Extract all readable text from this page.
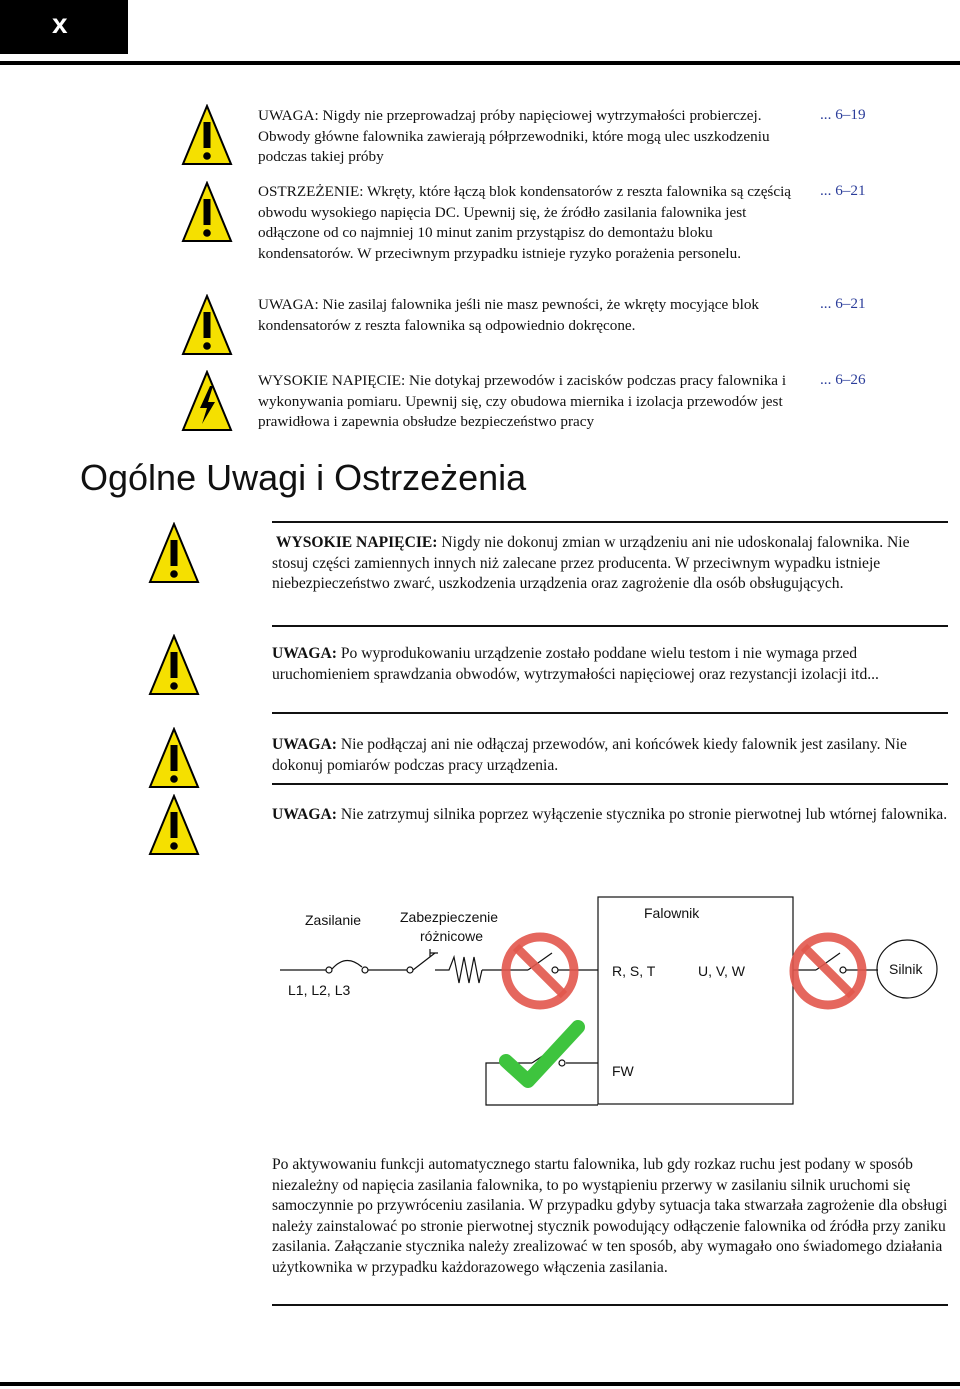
x
UWAGA: Nigdy nie przeprowadzaj próby napięciowej wytrzymałości probierczej. Obwody główne falownika zawierają półprzewodniki, które mogą ulec uszkodzeniu podczas takiej próby
... 6–19
OSTRZEŻENIE: Wkręty, które łączą blok kondensatorów z reszta falownika są częścią obwodu wysokiego napięcia DC. Upewnij się, że źródło zasilania falownika jest odłączone od co najmniej 10 minut zanim przystąpisz do demontażu bloku kondensatorów. W przeciwnym przypadku istnieje ryzyko porażenia personelu.
... 6–21
UWAGA: Nie zasilaj falownika jeśli nie masz pewności, że wkręty mocyjące blok kondensatorów z reszta falownika są odpowiednio dokręcone.
... 6–21
WYSOKIE NAPIĘCIE: Nie dotykaj przewodów i zacisków podczas pracy falownika i wykonywania pomiaru. Upewnij się, czy obudowa miernika i izolacja przewodów jest prawidłowa i zapewnia obsłudze bezpieczeństwo pracy
... 6–26
Ogólne Uwagi i Ostrzeżenia
WYSOKIE NAPIĘCIE: Nigdy nie dokonuj zmian w urządzeniu ani nie udoskonalaj falownika. Nie stosuj części zamiennych innych niż zalecane przez producenta. W przeciwnym wypadku istnieje niebezpieczeństwo zwarć, uszkodzenia urządzenia oraz zagrożenie dla osób obsługujących.
UWAGA: Po wyprodukowaniu urządzenie zostało poddane wielu testom i nie wymaga przed uruchomieniem sprawdzania obwodów, wytrzymałości napięciowej oraz rezystancji izolacji itd...
UWAGA: Nie podłączaj ani nie odłączaj przewodów, ani końcówek kiedy falownik jest zasilany. Nie dokonuj pomiarów podczas pracy urządzenia.
UWAGA: Nie zatrzymuj silnika poprzez wyłączenie stycznika po stronie pierwotnej lub wtórnej falownika.
Zasilanie	Zabezpieczenie
różnicowe
L1, L2, L3
Falownik
R, S, T	U, V, W	Silnik
FW
Po aktywowaniu funkcji automatycznego startu falownika, lub gdy rozkaz ruchu jest podany w sposób niezależny od napięcia zasilania falownika, to po wystąpieniu przerwy w zasilaniu silnik uruchomi się samoczynnie po przywróceniu zasilania. W przypadku gdyby sytuacja taka stwarzała zagrożenie dla obsługi należy zainstalować po stronie pierwotnej stycznik powodujący odłączenie falownika od źródła przy zaniku zasilania. Załączanie stycznika należy zrealizować w ten sposób, aby wymagało ono świadomego działania użytkownika w przypadku każdorazowego włączenia zasilania.
